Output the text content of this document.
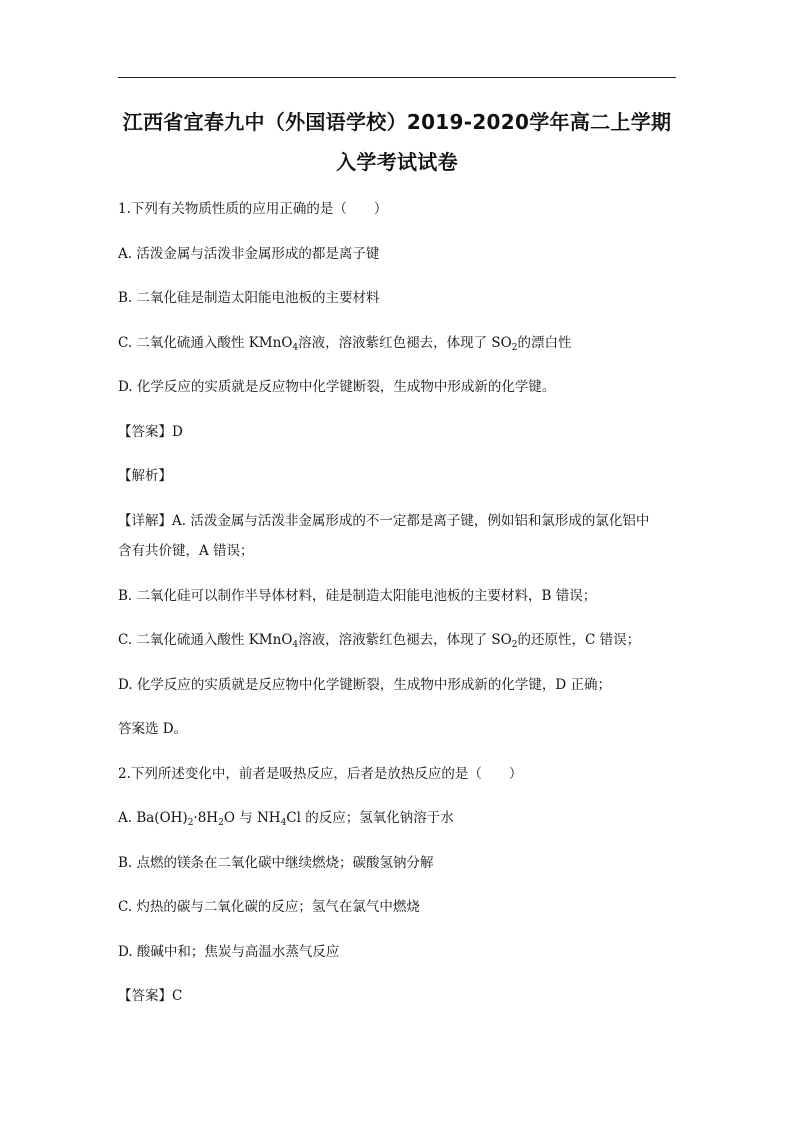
江西省宜春九中（外国语学校）2019-2020学年高二上学期
入学考试试卷
1.下列有关物质性质的应用正确的是（　　）
A. 活泼金属与活泼非金属形成的都是离子键
B. 二氧化硅是制造太阳能电池板的主要材料
C. 二氧化硫通入酸性 KMnO$_4$溶液，溶液紫红色褪去，体现了 $SO_2$的漂白性
D. 化学反应的实质就是反应物中化学键断裂，生成物中形成新的化学键。
【答案】D
【解析】
【详解】A. 活泼金属与活泼非金属形成的不一定都是离子键，例如铝和氯形成的氯化铝中
含有共价键，A 错误；
B. 二氧化硅可以制作半导体材料，硅是制造太阳能电池板的主要材料，B 错误；
C. 二氧化硫通入酸性 KMnO$_4$溶液，溶液紫红色褪去，体现了 $SO_2$的还原性，C 错误；
D. 化学反应的实质就是反应物中化学键断裂，生成物中形成新的化学键，D 正确；
答案选 D。
2.下列所述变化中，前者是吸热反应，后者是放热反应的是（　　）
A. $Ba(OH)_2\cdot 8H_2O$ 与 $NH_4Cl$ 的反应；氢氧化钠溶于水
B. 点燃的镁条在二氧化碳中继续燃烧；碳酸氢钠分解
C. 灼热的碳与二氧化碳的反应；氢气在氯气中燃烧
D. 酸碱中和；焦炭与高温水蒸气反应
【答案】C
